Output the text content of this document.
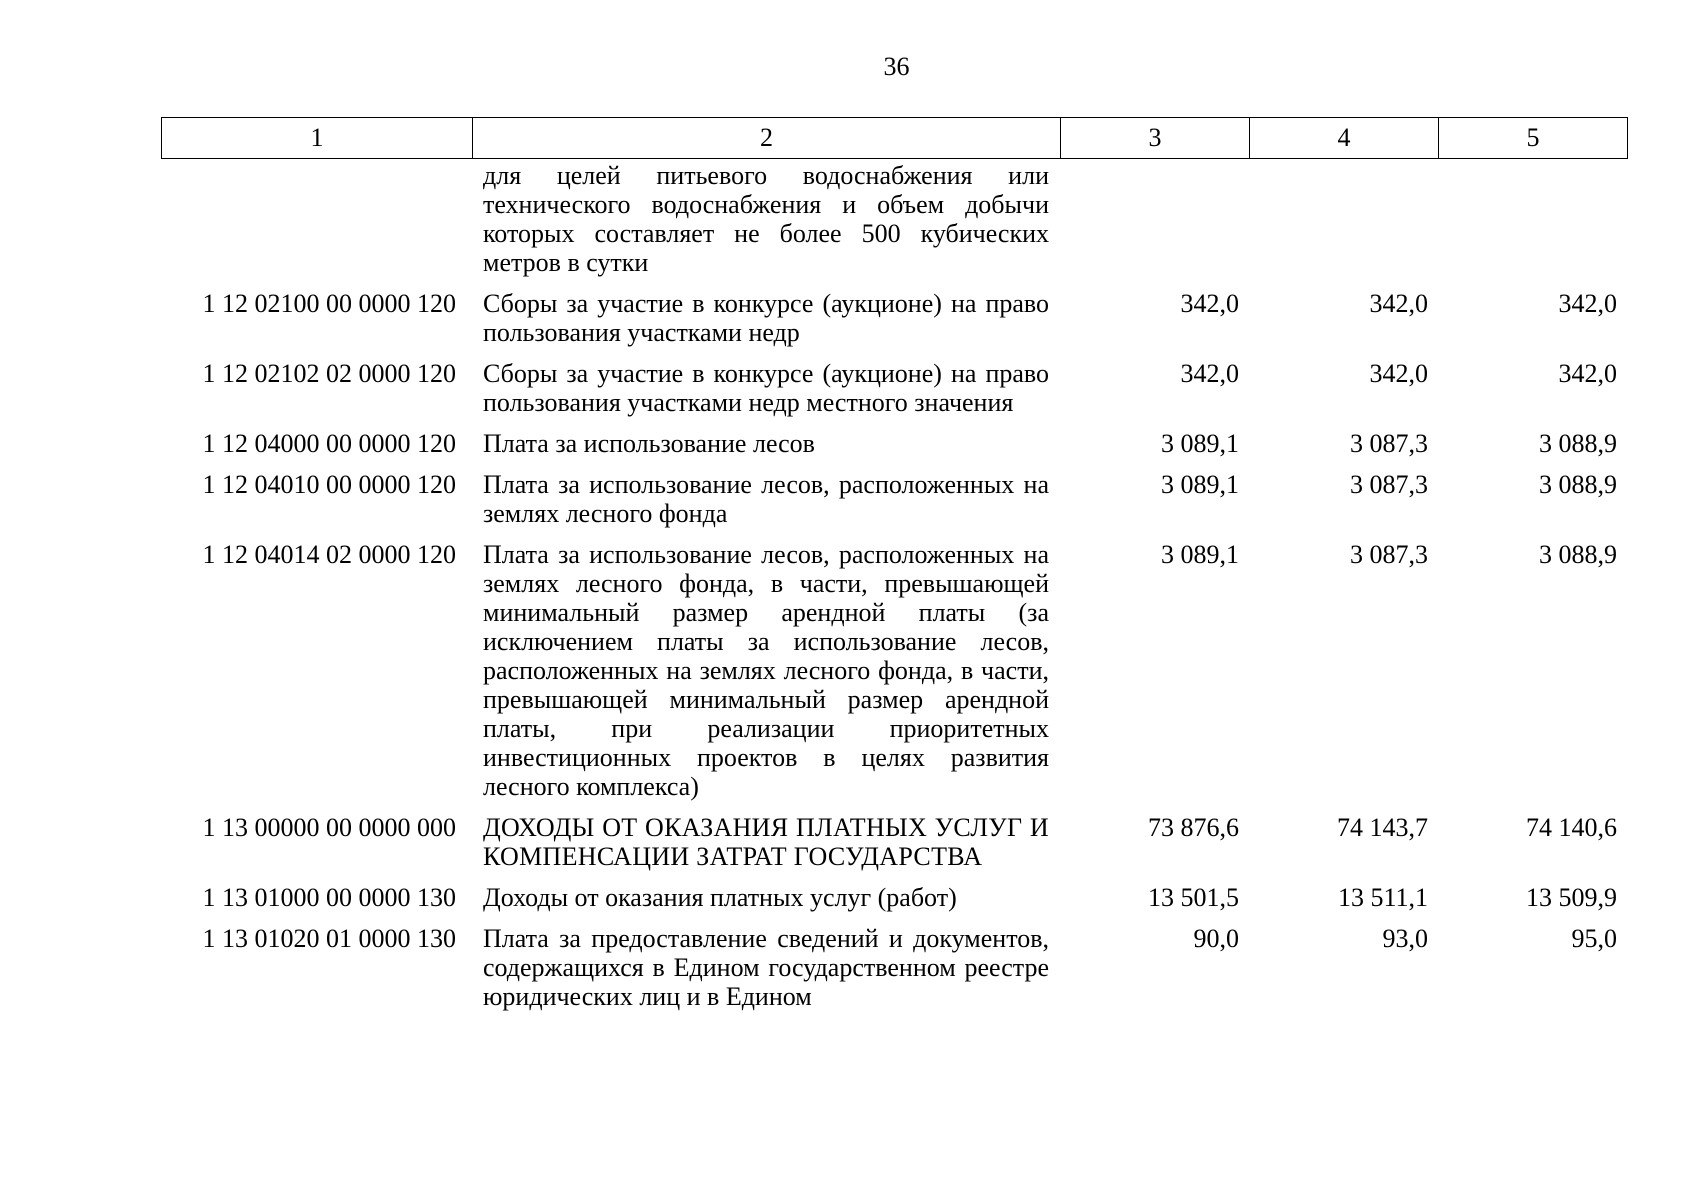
36
1	2	3	4	5
	для целей питьевого водоснабжения или технического водоснабжения и объем добычи которых составляет не более 500 кубических метров в сутки			
1 12 02100 00 0000 120	Сборы за участие в конкурсе (аукционе) на право пользования участками недр	342,0	342,0	342,0
1 12 02102 02 0000 120	Сборы за участие в конкурсе (аукционе) на право пользования участками недр местного значения	342,0	342,0	342,0
1 12 04000 00 0000 120	Плата за использование лесов	3 089,1	3 087,3	3 088,9
1 12 04010 00 0000 120	Плата за использование лесов, расположенных на землях лесного фонда	3 089,1	3 087,3	3 088,9
1 12 04014 02 0000 120	Плата за использование лесов, расположенных на землях лесного фонда, в части, превышающей минимальный размер арендной платы (за исключением платы за использование лесов, расположенных на землях лесного фонда, в части, превышающей минимальный размер арендной платы, при реализации приоритетных инвестиционных проектов в целях развития лесного комплекса)	3 089,1	3 087,3	3 088,9
1 13 00000 00 0000 000	ДОХОДЫ ОТ ОКАЗАНИЯ ПЛАТНЫХ УСЛУГ И КОМПЕНСАЦИИ ЗАТРАТ ГОСУДАРСТВА	73 876,6	74 143,7	74 140,6
1 13 01000 00 0000 130	Доходы от оказания платных услуг (работ)	13 501,5	13 511,1	13 509,9
1 13 01020 01 0000 130	Плата за предоставление сведений и документов, содержащихся в Едином государственном реестре юридических лиц и в Едином	90,0	93,0	95,0
